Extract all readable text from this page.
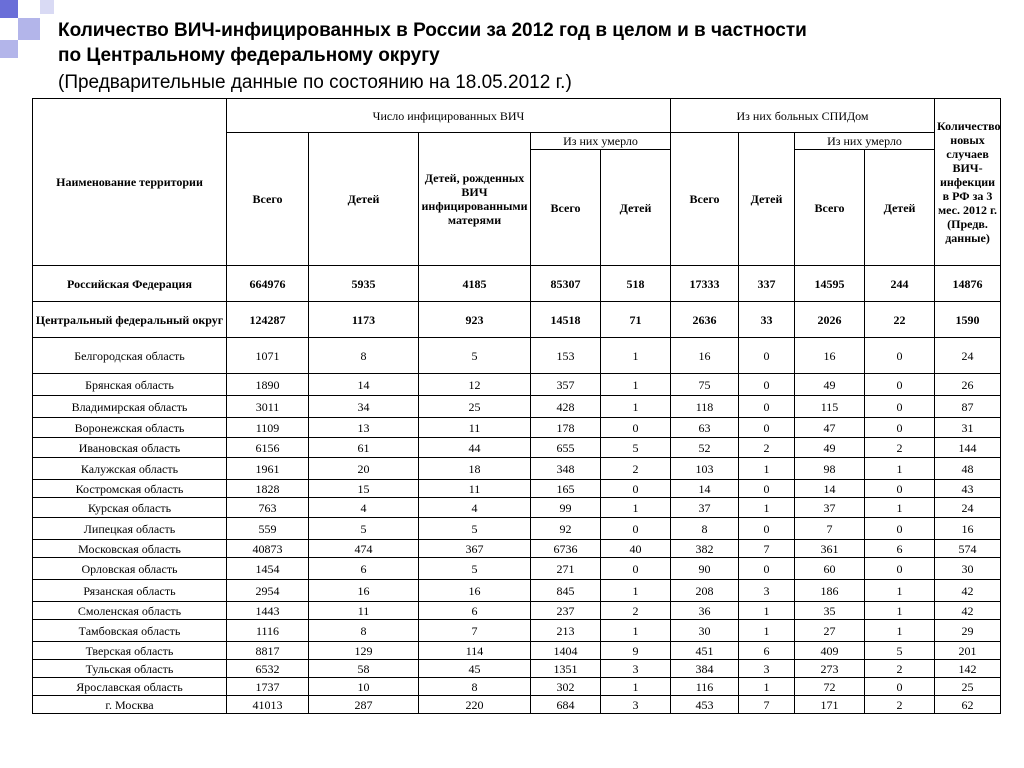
Количество ВИЧ-инфицированных в России за 2012 год в целом и в частности
по Центральному федеральному округу
(Предварительные данные по состоянию на 18.05.2012 г.)
Наименование территории	Число инфицированных ВИЧ					Из них больных СПИДом				Количество новых случаев ВИЧ-инфекции в РФ за 3 мес. 2012 г. (Предв. данные)
	Всего	Детей	Детей, рожденных ВИЧ инфицированными матерями	Из них умерло		Всего	Детей	Из них умерло		
				Всего	Детей			Всего	Детей	
Российская Федерация	664976	5935	4185	85307	518	17333	337	14595	244	14876
Центральный федеральный округ	124287	1173	923	14518	71	2636	33	2026	22	1590
Белгородская область	1071	8	5	153	1	16	0	16	0	24
Брянская область	1890	14	12	357	1	75	0	49	0	26
Владимирская область	3011	34	25	428	1	118	0	115	0	87
Воронежская область	1109	13	11	178	0	63	0	47	0	31
Ивановская область	6156	61	44	655	5	52	2	49	2	144
Калужская область	1961	20	18	348	2	103	1	98	1	48
Костромская область	1828	15	11	165	0	14	0	14	0	43
Курская область	763	4	4	99	1	37	1	37	1	24
Липецкая область	559	5	5	92	0	8	0	7	0	16
Московская область	40873	474	367	6736	40	382	7	361	6	574
Орловская область	1454	6	5	271	0	90	0	60	0	30
Рязанская область	2954	16	16	845	1	208	3	186	1	42
Смоленская область	1443	11	6	237	2	36	1	35	1	42
Тамбовская область	1116	8	7	213	1	30	1	27	1	29
Тверская область	8817	129	114	1404	9	451	6	409	5	201
Тульская область	6532	58	45	1351	3	384	3	273	2	142
Ярославская область	1737	10	8	302	1	116	1	72	0	25
г. Москва	41013	287	220	684	3	453	7	171	2	62
